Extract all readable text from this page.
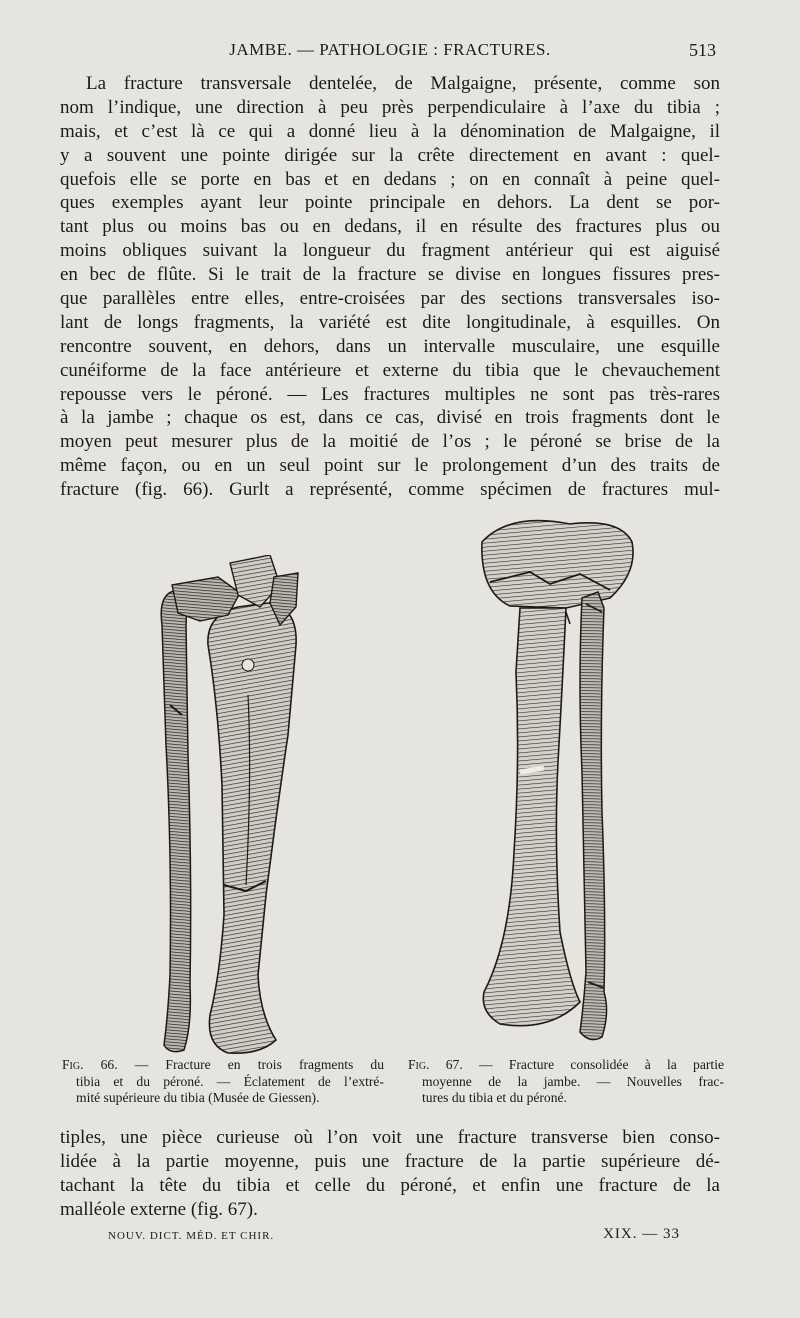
JAMBE. — PATHOLOGIE : FRACTURES.	513
La fracture transversale dentelée, de Malgaigne, présente, comme son
nom l’indique, une direction à peu près perpendiculaire à l’axe du tibia ;
mais, et c’est là ce qui a donné lieu à la dénomination de Malgaigne, il
y a souvent une pointe dirigée sur la crête directement en avant : quel-
quefois elle se porte en bas et en dedans ; on en connaît à peine quel-
ques exemples ayant leur pointe principale en dehors. La dent se por-
tant plus ou moins bas ou en dedans, il en résulte des fractures plus ou
moins obliques suivant la longueur du fragment antérieur qui est aiguisé
en bec de flûte. Si le trait de la fracture se divise en longues fissures pres-
que parallèles entre elles, entre-croisées par des sections transversales iso-
lant de longs fragments, la variété est dite longitudinale, à esquilles. On
rencontre souvent, en dehors, dans un intervalle musculaire, une esquille
cunéiforme de la face antérieure et externe du tibia que le chevauchement
repousse vers le péroné. — Les fractures multiples ne sont pas très-rares
à la jambe ; chaque os est, dans ce cas, divisé en trois fragments dont le
moyen peut mesurer plus de la moitié de l’os ; le péroné se brise de la
même façon, ou en un seul point sur le prolongement d’un des traits de
fracture (fig. 66). Gurlt a représenté, comme spécimen de fractures mul-
Fig. 66. — Fracture en trois fragments du
tibia et du péroné. — Éclatement de l’extré-
mité supérieure du tibia (Musée de Giessen).
Fig. 67. — Fracture consolidée à la partie
moyenne de la jambe. — Nouvelles frac-
tures du tibia et du péroné.
tiples, une pièce curieuse où l’on voit une fracture transverse bien conso-
lidée à la partie moyenne, puis une fracture de la partie supérieure dé-
tachant la tête du tibia et celle du péroné, et enfin une fracture de la
malléole externe (fig. 67).
NOUV. DICT. MÉD. ET CHIR.	XIX. — 33
